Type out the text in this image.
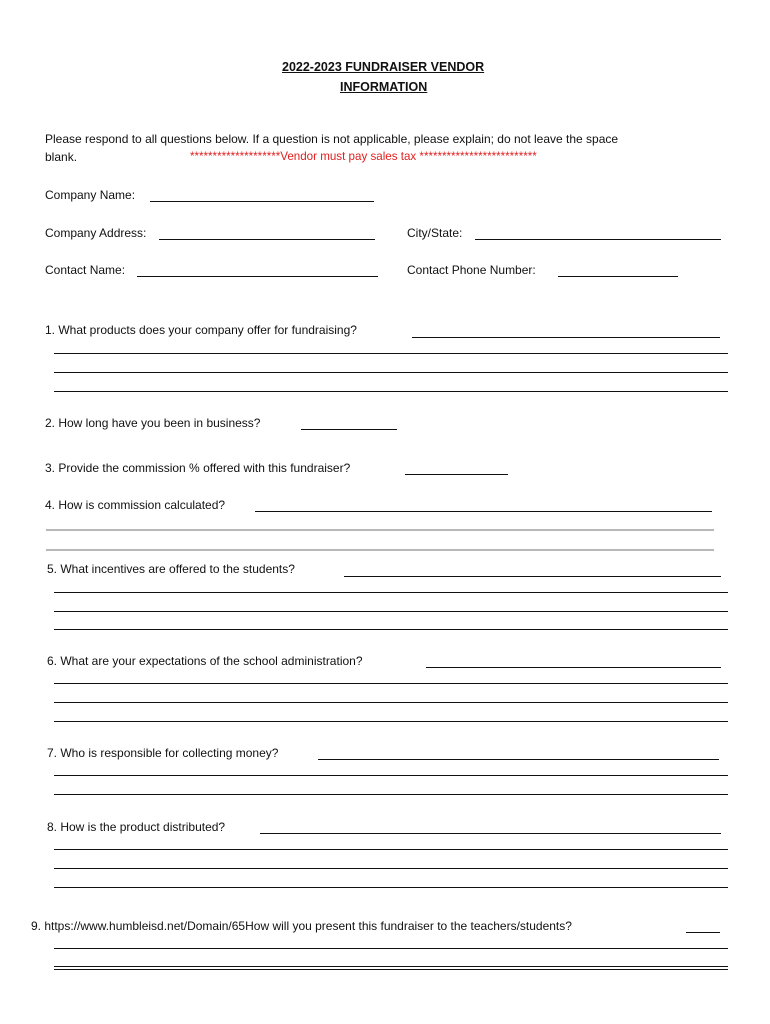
2022-2023 FUNDRAISER VENDOR
INFORMATION
Please respond to all questions below. If a question is not applicable, please explain; do not leave the space
blank.	********************Vendor must pay sales tax **************************
Company Name:
Company Address:	City/State:
Contact Name:	Contact Phone Number:
1. What products does your company offer for fundraising?
2. How long have you been in business?
3. Provide the commission % offered with this fundraiser?
4. How is commission calculated?
5. What incentives are offered to the students?
6. What are your expectations of the school administration?
7. Who is responsible for collecting money?
8. How is the product distributed?
9. https://www.humbleisd.net/Domain/65How will you present this fundraiser to the teachers/students?
